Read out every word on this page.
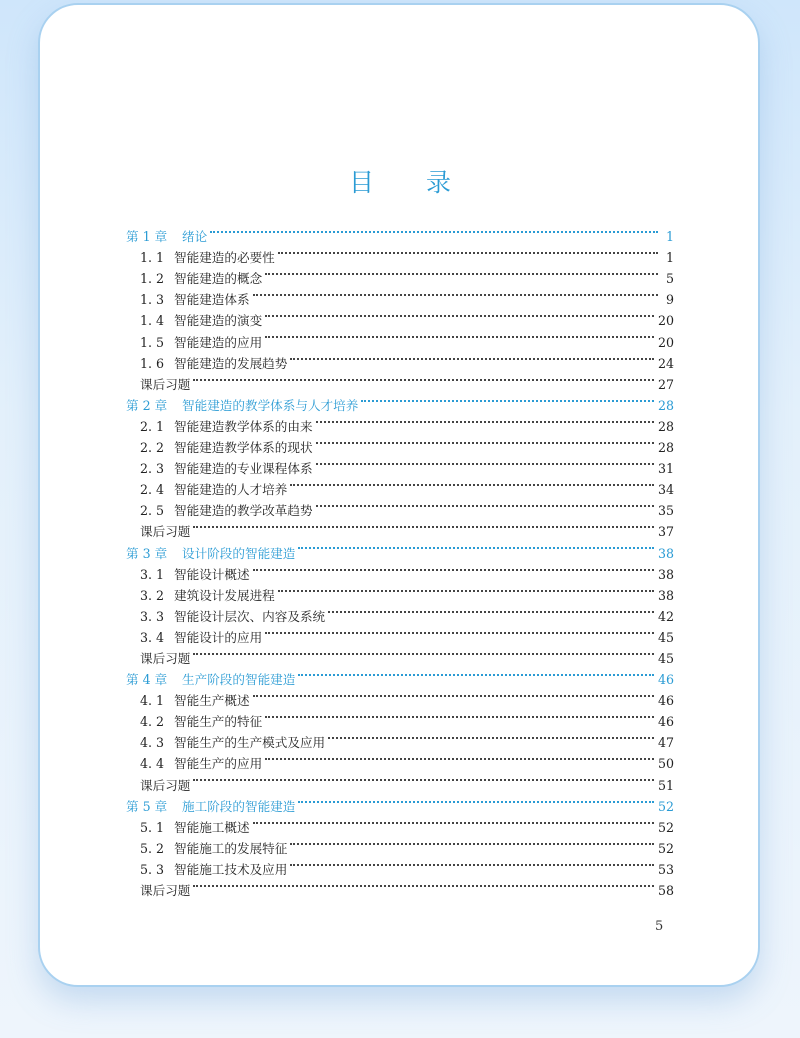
目 录
第 1 章	绪论	1
1. 1 智能建造的必要性	1
1. 2 智能建造的概念	5
1. 3 智能建造体系	9
1. 4 智能建造的演变	20
1. 5 智能建造的应用	20
1. 6 智能建造的发展趋势	24
课后习题	27
第 2 章	智能建造的教学体系与人才培养	28
2. 1 智能建造教学体系的由来	28
2. 2 智能建造教学体系的现状	28
2. 3 智能建造的专业课程体系	31
2. 4 智能建造的人才培养	34
2. 5 智能建造的教学改革趋势	35
课后习题	37
第 3 章	设计阶段的智能建造	38
3. 1 智能设计概述	38
3. 2 建筑设计发展进程	38
3. 3 智能设计层次、内容及系统	42
3. 4 智能设计的应用	45
课后习题	45
第 4 章	生产阶段的智能建造	46
4. 1 智能生产概述	46
4. 2 智能生产的特征	46
4. 3 智能生产的生产模式及应用	47
4. 4 智能生产的应用	50
课后习题	51
第 5 章	施工阶段的智能建造	52
5. 1 智能施工概述	52
5. 2 智能施工的发展特征	52
5. 3 智能施工技术及应用	53
课后习题	58
5
